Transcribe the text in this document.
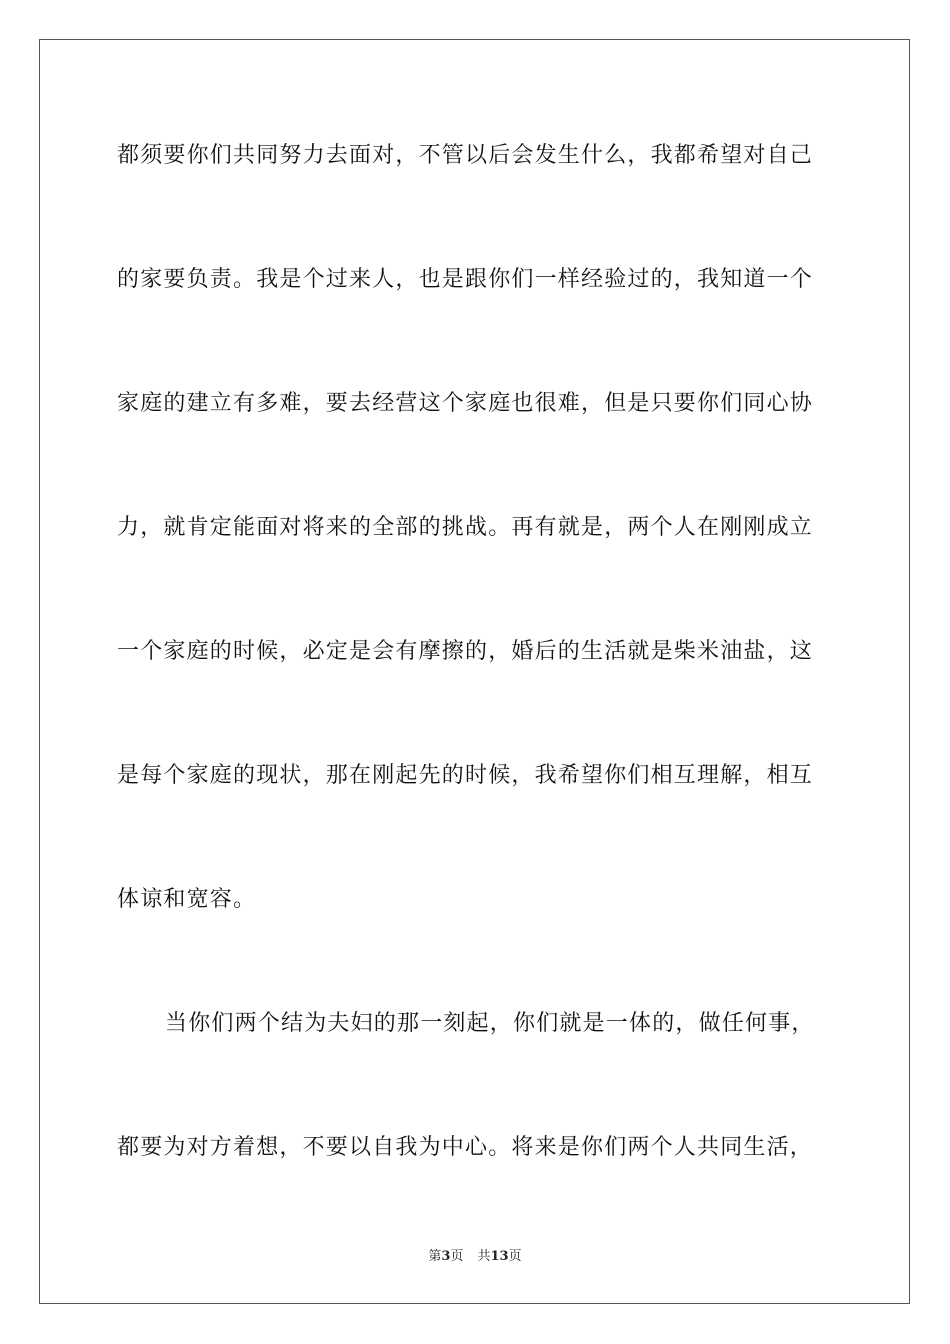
都须要你们共同努力去面对，不管以后会发生什么，我都希望对自己
的家要负责。我是个过来人，也是跟你们一样经验过的，我知道一个
家庭的建立有多难，要去经营这个家庭也很难，但是只要你们同心协
力，就肯定能面对将来的全部的挑战。再有就是，两个人在刚刚成立
一个家庭的时候，必定是会有摩擦的，婚后的生活就是柴米油盐，这
是每个家庭的现状，那在刚起先的时候，我希望你们相互理解，相互
体谅和宽容。
当你们两个结为夫妇的那一刻起，你们就是一体的，做任何事，
都要为对方着想，不要以自我为中心。将来是你们两个人共同生活，
第3页 共13页
